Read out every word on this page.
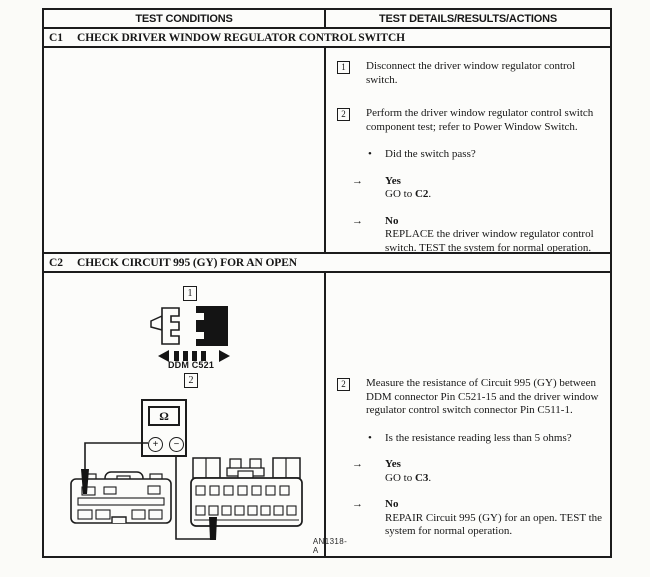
TEST CONDITIONS	TEST DETAILS/RESULTS/ACTIONS
C1	CHECK DRIVER WINDOW REGULATOR CONTROL SWITCH
1	Disconnect the driver window regulator control switch.
2	Perform the driver window regulator control switch component test; refer to Power Window Switch.
•	Did the switch pass?
→	Yes
GO to C2.
→	No
REPLACE the driver window regulator control switch. TEST the system for normal operation.
C2	CHECK CIRCUIT 995 (GY) FOR AN OPEN
1
DDM C521
2
Ω
+	−
AN1318-A
2	Measure the resistance of Circuit 995 (GY) between DDM connector Pin C521-15 and the driver window regulator control switch connector Pin C511-1.
•	Is the resistance reading less than 5 ohms?
→	Yes
GO to C3.
→	No
REPAIR Circuit 995 (GY) for an open. TEST the system for normal operation.
